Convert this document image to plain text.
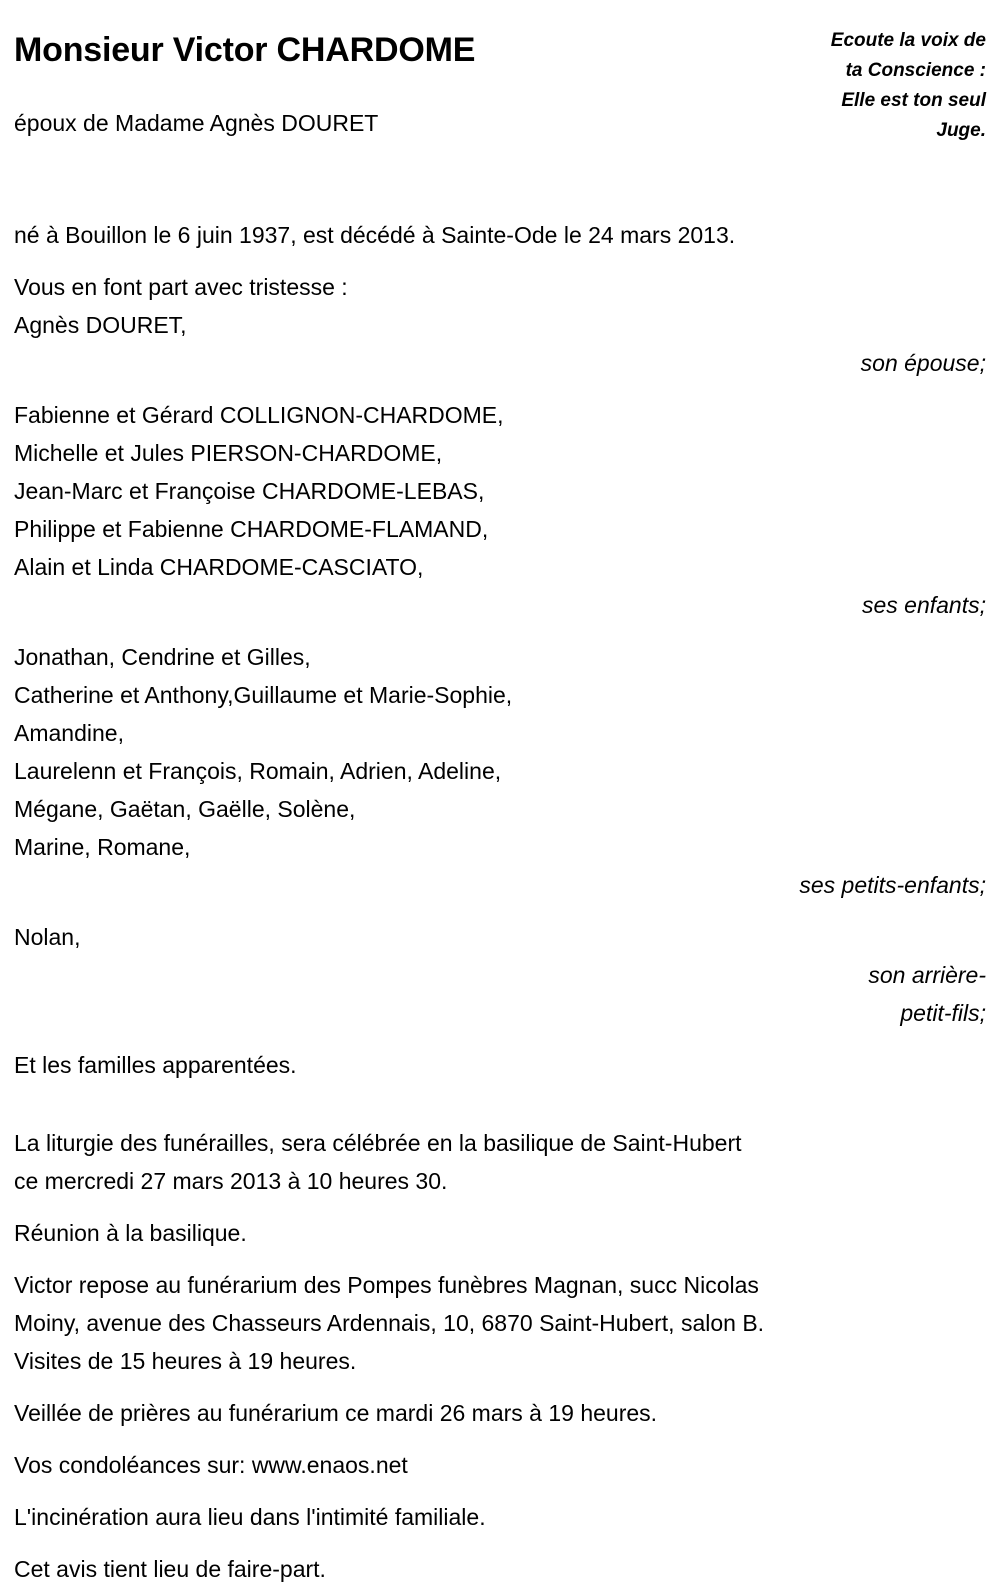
Monsieur Victor CHARDOME	Ecoute la voix de
ta Conscience :
Elle est ton seul
Juge.

époux de Madame Agnès DOURET

né à Bouillon le 6 juin 1937, est décédé à Sainte-Ode le 24 mars 2013.
Vous en font part avec tristesse :
Agnès DOURET,
son épouse;
Fabienne et Gérard COLLIGNON-CHARDOME,
Michelle et Jules PIERSON-CHARDOME,
Jean-Marc et Françoise CHARDOME-LEBAS,
Philippe et Fabienne CHARDOME-FLAMAND,
Alain et Linda CHARDOME-CASCIATO,
ses enfants;
Jonathan, Cendrine et Gilles,
Catherine et Anthony,Guillaume et Marie-Sophie,
Amandine,
Laurelenn et François, Romain, Adrien, Adeline,
Mégane, Gaëtan, Gaëlle, Solène,
Marine, Romane,
ses petits-enfants;
Nolan,
son arrière-
petit-fils;
Et les familles apparentées.
La liturgie des funérailles, sera célébrée en la basilique de Saint-Hubert
ce mercredi 27 mars 2013 à 10 heures 30.
Réunion à la basilique.
Victor repose au funérarium des Pompes funèbres Magnan, succ Nicolas
Moiny, avenue des Chasseurs Ardennais, 10, 6870 Saint-Hubert, salon B.
Visites de 15 heures à 19 heures.
Veillée de prières au funérarium ce mardi 26 mars à 19 heures.
Vos condoléances sur: www.enaos.net
L'incinération aura lieu dans l'intimité familiale.
Cet avis tient lieu de faire-part.
